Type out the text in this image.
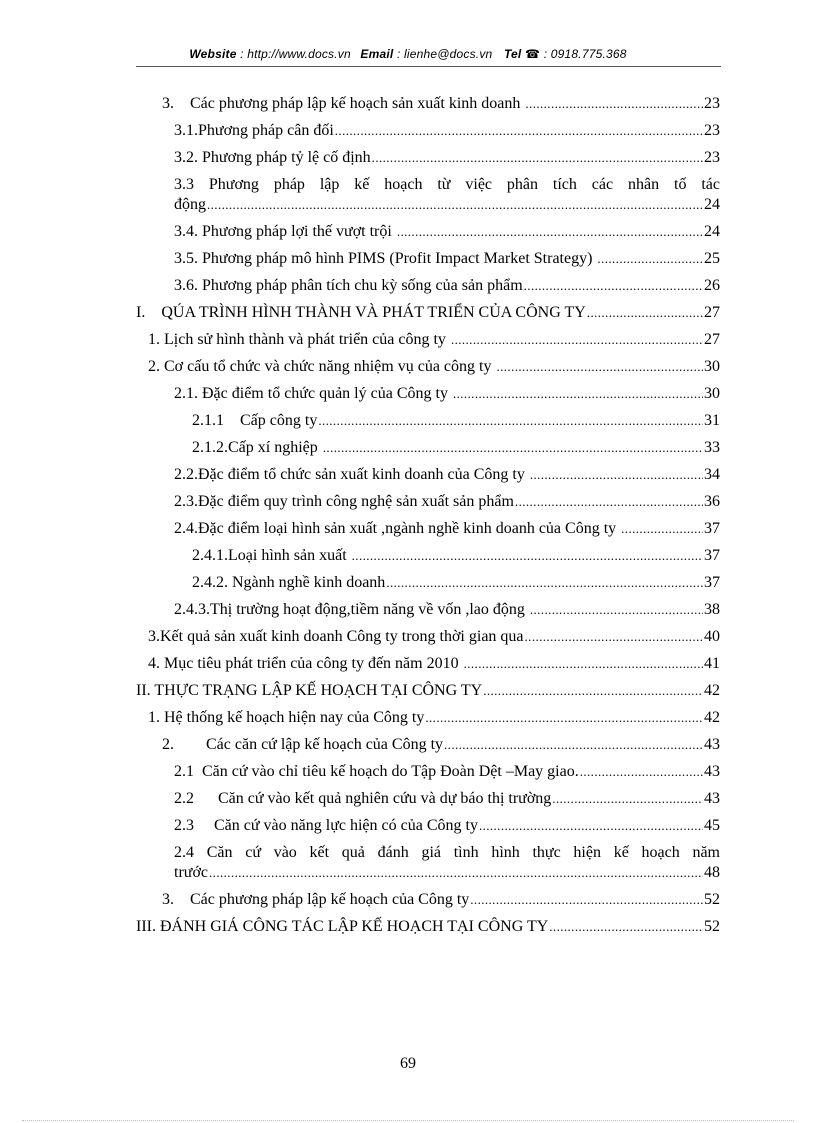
Website : http://www.docs.vn Email : lienhe@docs.vn Tel ☎ : 0918.775.368
3.    Các phương pháp lập kế hoạch sản xuất kinh doanh .....	23
3.1.Phương pháp cân đối .....	23
3.2. Phương pháp tỷ lệ cố định .....	23
3.3 Phương pháp lập kế hoạch từ việc phân tích các nhân tố tác
động .....	24
3.4. Phương pháp lợi thế vượt trội .....	24
3.5. Phương pháp mô hình PIMS (Profit Impact Market Strategy) .....	25
3.6. Phương pháp phân tích chu kỳ sống của sản phẩm .....	26
I.    QÚA TRÌNH HÌNH THÀNH VÀ PHÁT TRIỂN CỦA CÔNG TY .....	27
1. Lịch sử hình thành và phát triển của công ty .....	27
2. Cơ cấu tổ chức và chức năng nhiệm vụ của công ty .....	30
2.1. Đặc điểm tổ chức quản lý của Công ty .....	30
2.1.1    Cấp công ty .....	31
2.1.2.Cấp xí nghiệp .....	33
2.2.Đặc điểm tổ chức sản xuất kinh doanh của Công ty .....	34
2.3.Đặc điểm quy trình công nghệ sản xuất sản phẩm .....	36
2.4.Đặc điểm loại hình sản xuất ,ngành nghề kinh doanh của Công ty .....	37
2.4.1.Loại hình sản xuất .....	37
2.4.2. Ngành nghề kinh doanh .....	37
2.4.3.Thị trường hoạt động,tiềm năng về vốn ,lao động .....	38
3.Kết quả sản xuất kinh doanh Công ty trong thời gian qua .....	40
4. Mục tiêu phát triển của công ty đến năm 2010 .....	41
II. THỰC TRẠNG LẬP KẾ HOẠCH TẠI CÔNG TY .....	42
1. Hệ thống kế hoạch hiện nay của Công ty .....	42
2.        Các căn cứ lập kế hoạch của Công ty .....	43
2.1  Căn cứ vào chỉ tiêu kế hoạch do Tập Đoàn Dệt –May giao. .....	43
2.2      Căn cứ vào kết quả nghiên cứu và dự báo thị trường .....	43
2.3     Căn cứ vào năng lực hiện có của Công ty .....	45
2.4 Căn cứ vào kết quả đánh giá tình hình thực hiện kế hoạch năm
trước .....	48
3.    Các phương pháp lập kế hoạch của Công ty .....	52
III. ĐÁNH GIÁ CÔNG TÁC LẬP KẾ HOẠCH TẠI CÔNG TY .....	52
69
